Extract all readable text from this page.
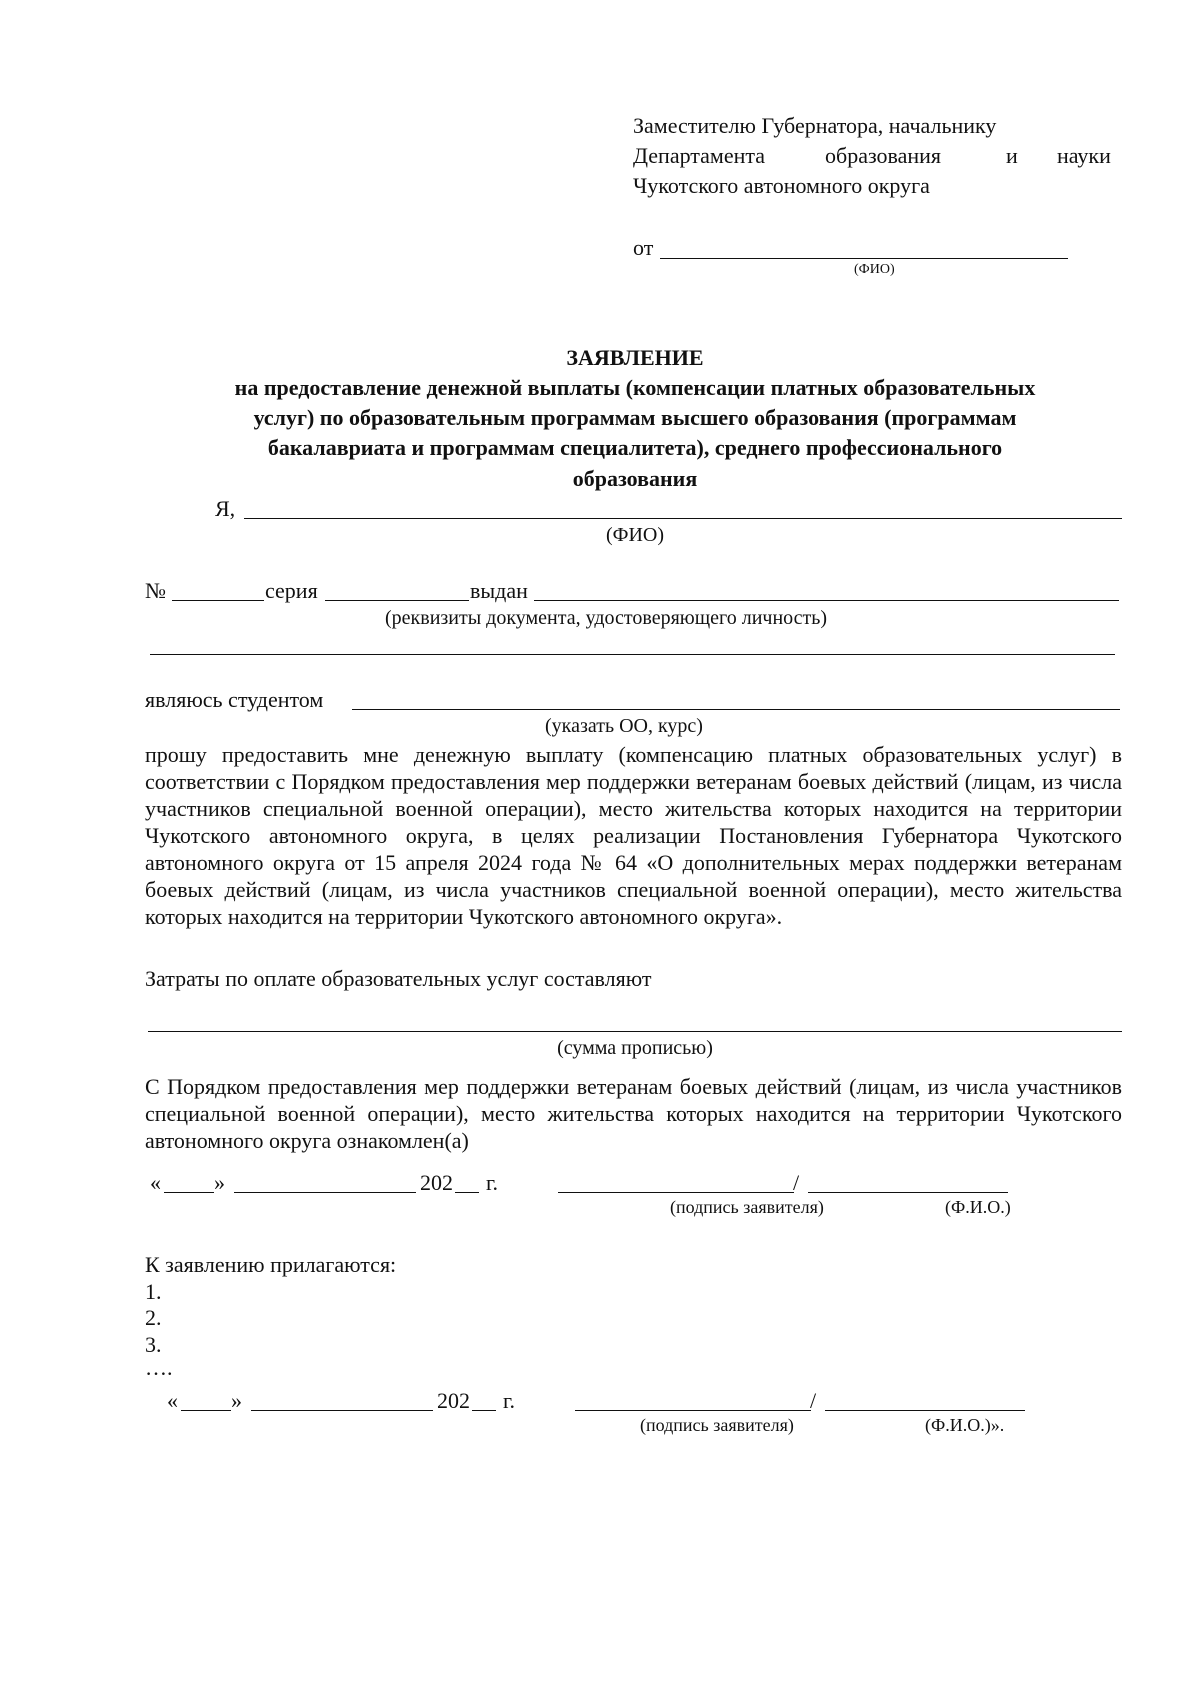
Заместителю Губернатора, начальнику
Департамента	образования	и науки
Чукотского автономного округа
от
(ФИО)
ЗАЯВЛЕНИЕ
на предоставление денежной выплаты (компенсации платных образовательных
услуг) по образовательным программам высшего образования (программам
бакалавриата и программам специалитета), среднего профессионального
образования
Я,
(ФИО)
№	серия	выдан
(реквизиты документа, удостоверяющего личность)
являюсь студентом
(указать ОО, курс)
прошу предоставить мне денежную выплату (компенсацию платных образовательных услуг) в соответствии с Порядком предоставления мер поддержки ветеранам боевых действий (лицам, из числа участников специальной военной операции), место жительства которых находится на территории Чукотского автономного округа, в целях реализации Постановления Губернатора Чукотского автономного округа от 15 апреля 2024 года № 64 «О дополнительных мерах поддержки ветеранам боевых действий (лицам, из числа участников специальной военной операции), место жительства которых находится на территории Чукотского автономного округа».
Затраты по оплате образовательных услуг составляют
(сумма прописью)
С Порядком предоставления мер поддержки ветеранам боевых действий (лицам, из числа участников специальной военной операции), место жительства которых находится на территории Чукотского автономного округа ознакомлен(а)
« »	202 г.	/
(подпись заявителя)	(Ф.И.О.)
К заявлению прилагаются:
1.
2.
3.
….
« »	202 г.	/
(подпись заявителя)	(Ф.И.О.)».
